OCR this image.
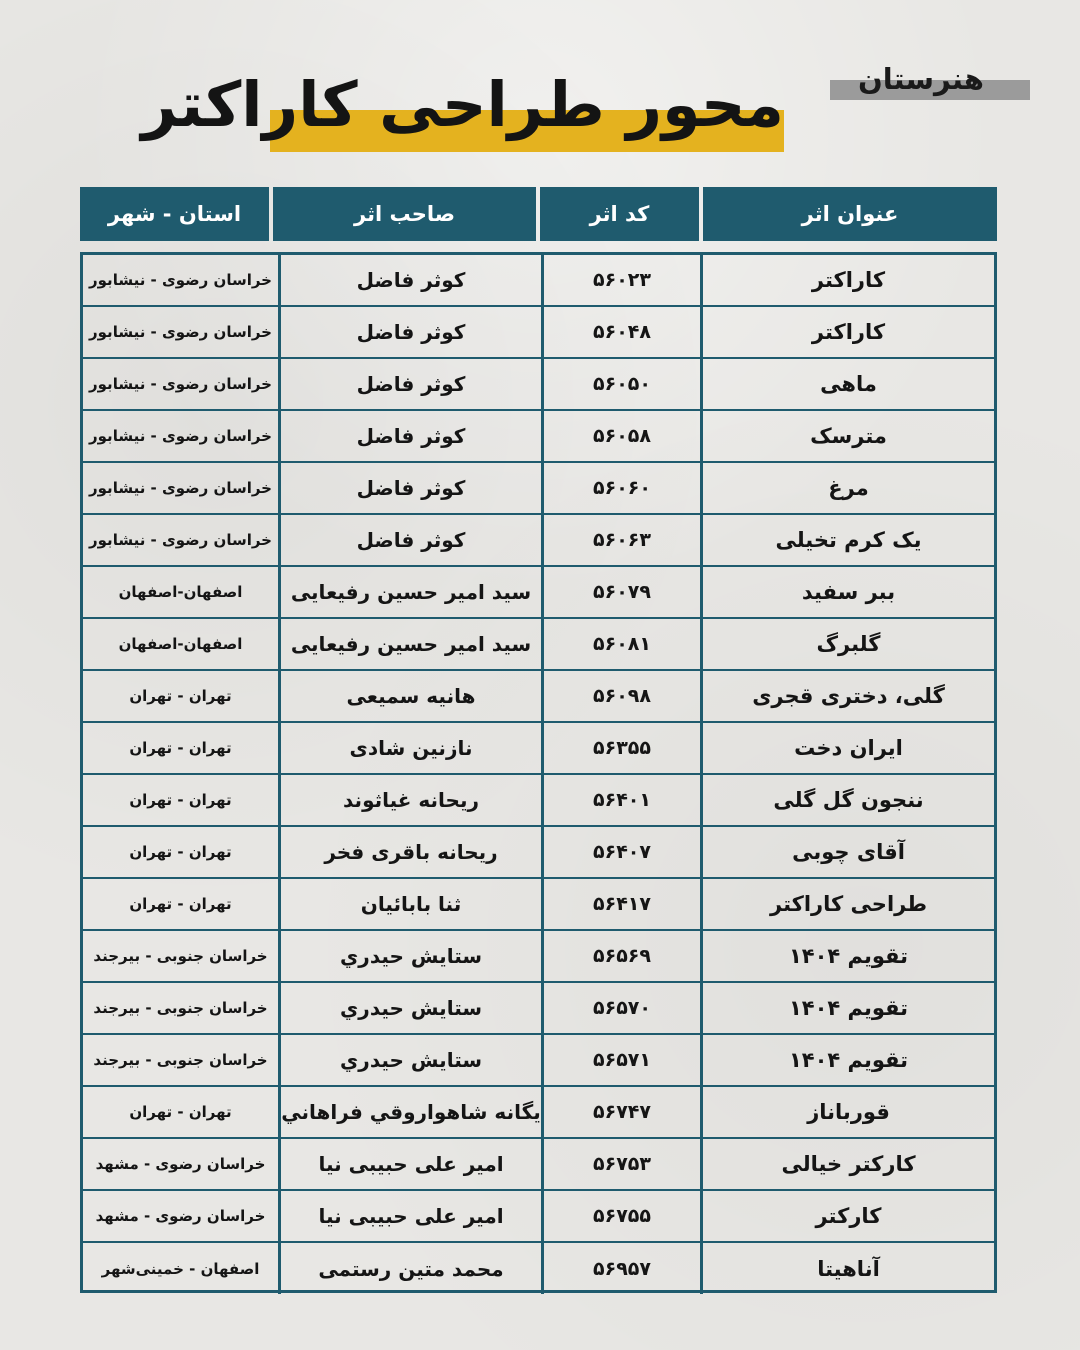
هنرستان
محور طراحی کاراکتر
عنوان اثر
کد اثر
صاحب اثر
استان - شهر
کاراکتر
۵۶۰۲۳
کوثر فاضل
خراسان رضوی - نیشابور
کاراکتر
۵۶۰۴۸
کوثر فاضل
خراسان رضوی - نیشابور
ماهی
۵۶۰۵۰
کوثر فاضل
خراسان رضوی - نیشابور
مترسک
۵۶۰۵۸
کوثر فاضل
خراسان رضوی - نیشابور
مرغ
۵۶۰۶۰
کوثر فاضل
خراسان رضوی - نیشابور
یک کرم تخیلی
۵۶۰۶۳
کوثر فاضل
خراسان رضوی - نیشابور
ببر سفید
۵۶۰۷۹
سید امیر حسین رفیعایی
اصفهان-اصفهان
گلبرگ
۵۶۰۸۱
سید امیر حسین رفیعایی
اصفهان-اصفهان
گلی، دختری قجری
۵۶۰۹۸
هانیه سمیعی
تهران - تهران
ایران دخت
۵۶۳۵۵
نازنین شادی
تهران - تهران
ننجون گل گلی
۵۶۴۰۱
ریحانه غیاثوند
تهران - تهران
آقای چوبی
۵۶۴۰۷
ریحانه باقری فخر
تهران - تهران
طراحی کاراکتر
۵۶۴۱۷
ثنا بابائیان
تهران - تهران
تقویم ۱۴۰۴
۵۶۵۶۹
ستایش حیدري
خراسان جنوبی - بیرجند
تقویم ۱۴۰۴
۵۶۵۷۰
ستایش حیدري
خراسان جنوبی - بیرجند
تقویم ۱۴۰۴
۵۶۵۷۱
ستایش حیدري
خراسان جنوبی - بیرجند
قورباناز
۵۶۷۴۷
یگانه شاهوارو‌قي فراهاني
تهران - تهران
کارکتر خیالی
۵۶۷۵۳
امیر علی حبیبی نیا
خراسان رضوی - مشهد
کارکتر
۵۶۷۵۵
امیر علی حبیبی نیا
خراسان رضوی - مشهد
آناهیتا
۵۶۹۵۷
محمد متین رستمی
اصفهان - خمینی‌شهر
